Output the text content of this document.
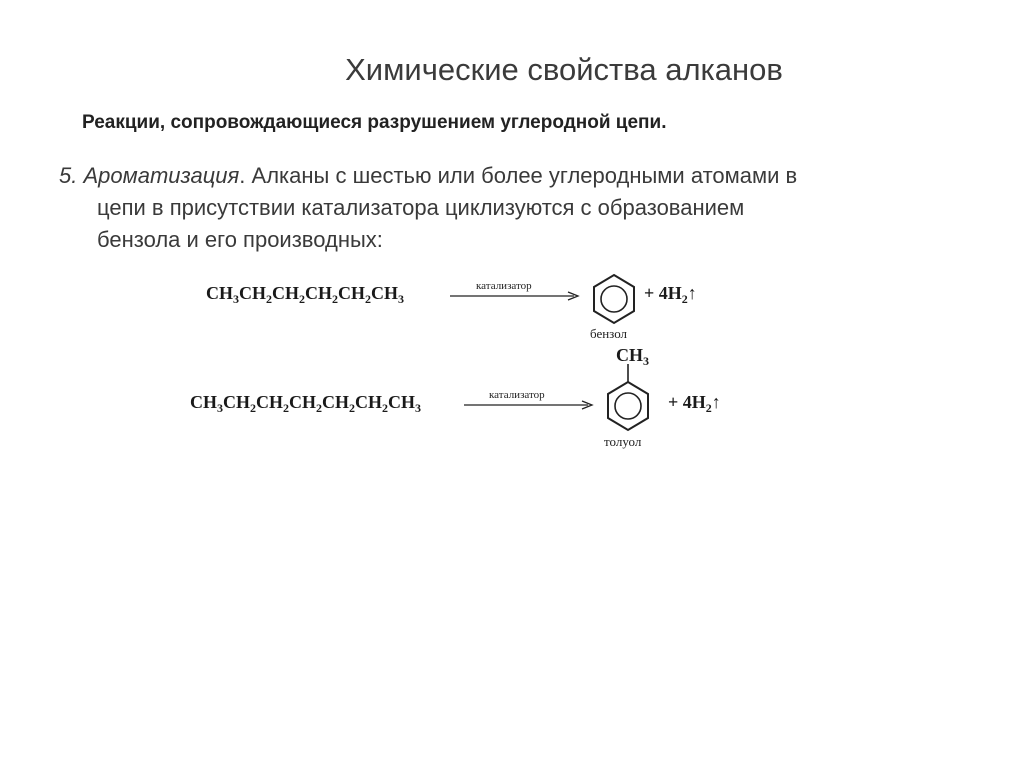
Химические свойства алканов
Реакции, сопровождающиеся разрушением углеродной цепи.
5. Ароматизация. Алканы с шестью или более углеродными атомами в
цепи в присутствии катализатора циклизуются с образованием
бензола и его производных:
$CH_3CH_2CH_2CH_2CH_2CH_3$
катализатор
бензол
+ $4H_2↑$
$CH_3CH_2CH_2CH_2CH_2CH_2CH_3$
катализатор
$CH_3$
толуол
+ $4H_2↑$
